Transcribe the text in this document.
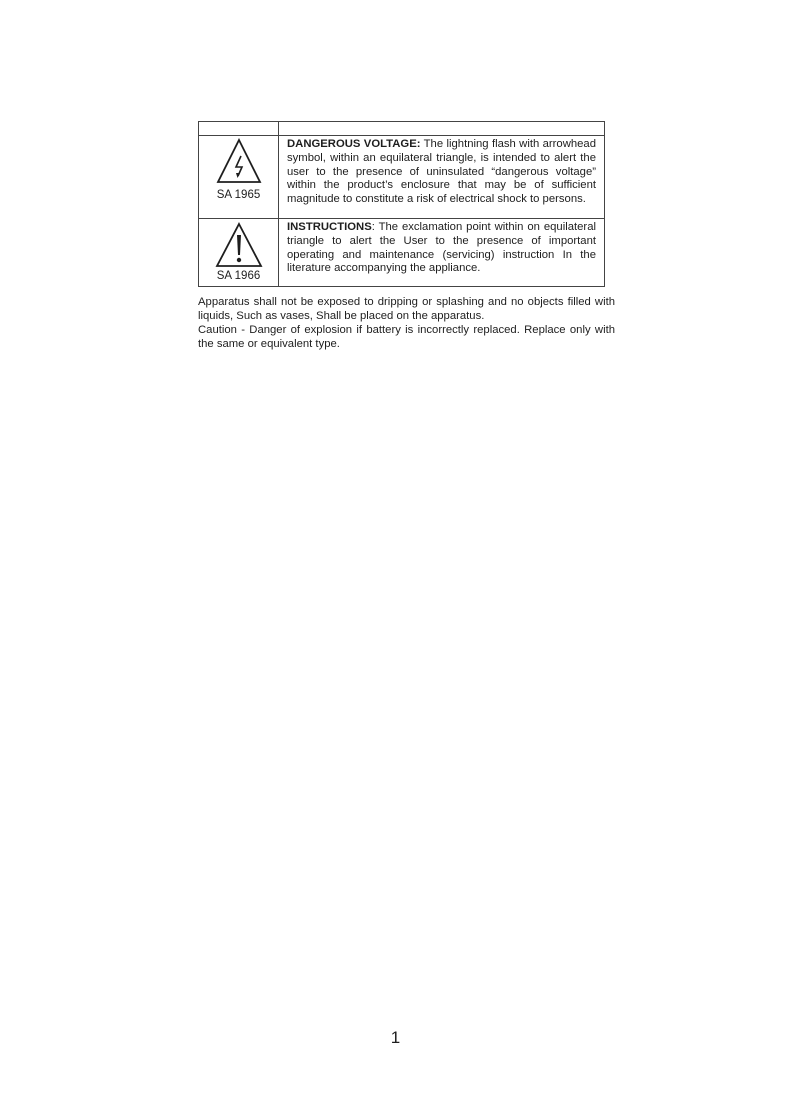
SA 1965	DANGEROUS VOLTAGE: The lightning flash with arrowhead symbol, within an equilateral triangle, is intended to alert the user to the presence of uninsulated “dangerous voltage” within the product’s enclosure that may be of sufficient magnitude to constitute a risk of electrical shock to persons.

SA 1966	INSTRUCTIONS: The exclamation point within on equilateral triangle to alert the User to the presence of important operating and maintenance (servicing) instruction In the literature accompanying the appliance.

Apparatus shall not be exposed to dripping or splashing and no objects filled with liquids, Such as vases, Shall be placed on the apparatus.

Caution - Danger of explosion if battery is incorrectly replaced. Replace only with the same or equivalent type.

1
